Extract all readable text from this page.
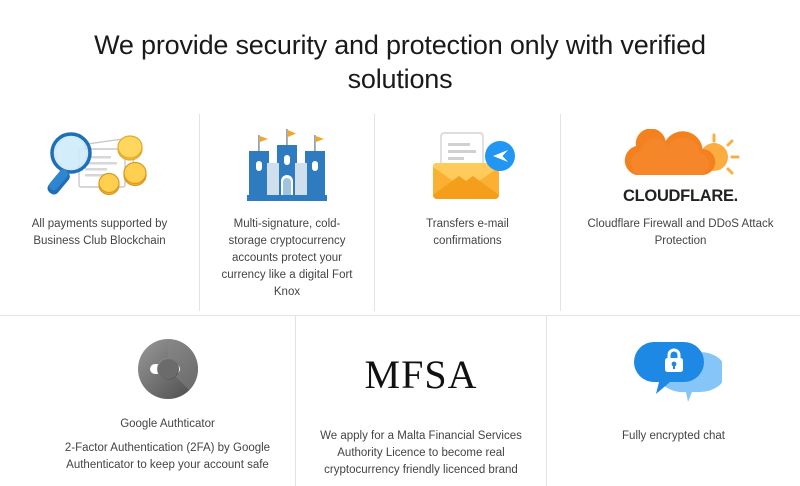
We provide security and protection only with verified solutions
All payments supported by Business Club Blockchain
Multi-signature, cold-storage cryptocurrency accounts protect your currency like a digital Fort Knox
Transfers e-mail confirmations
CLOUDFLARE.
Cloudflare Firewall and DDoS Attack Protection
Google Authticator
2-Factor Authentication (2FA) by Google Authenticator to keep your account safe
MFSA
We apply for a Malta Financial Services Authority Licence to become real cryptocurrency friendly licenced brand
Fully encrypted chat
